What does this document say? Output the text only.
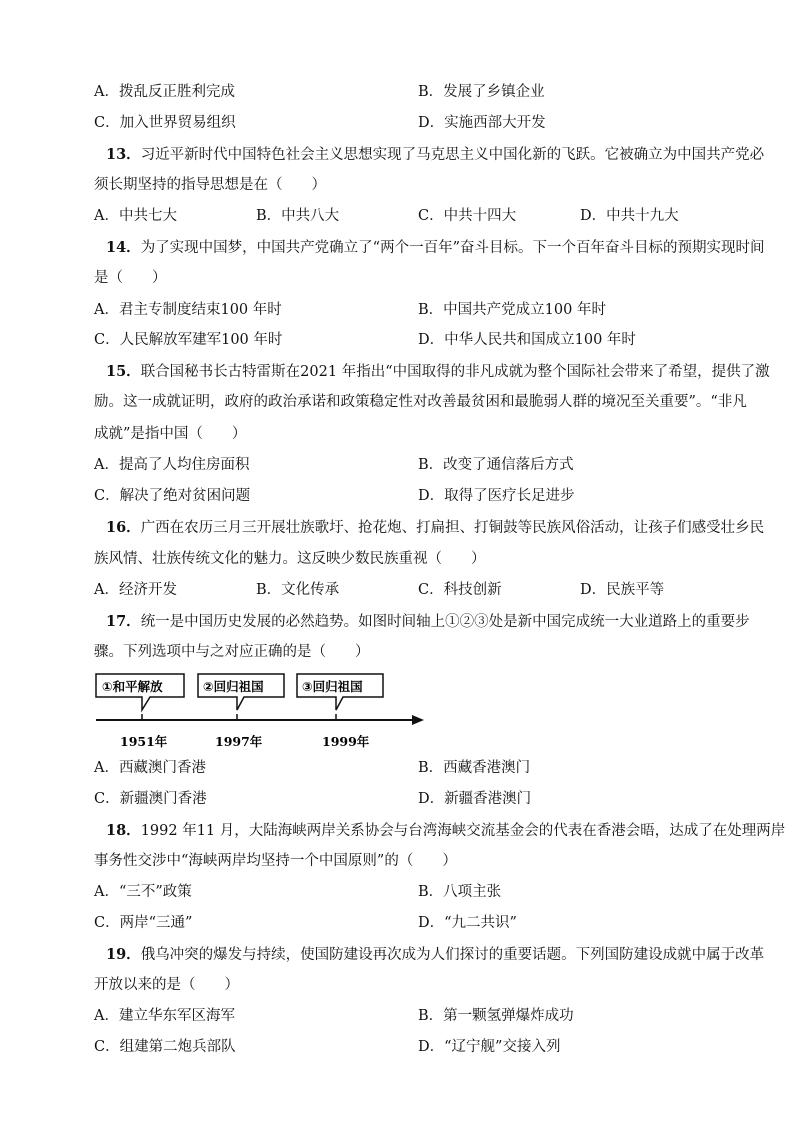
A．拨乱反正胜利完成	B．发展了乡镇企业
C．加入世界贸易组织	D．实施西部大开发
13．习近平新时代中国特色社会主义思想实现了马克思主义中国化新的飞跃。它被确立为中国共产党必
须长期坚持的指导思想是在（　　）
A．中共七大	B．中共八大	C．中共十四大	D．中共十九大
14．为了实现中国梦，中国共产党确立了“两个一百年”奋斗目标。下一个百年奋斗目标的预期实现时间
是（　　）
A．君主专制度结束100 年时	B．中国共产党成立100 年时
C．人民解放军建军100 年时	D．中华人民共和国成立100 年时
15．联合国秘书长古特雷斯在2021 年指出“中国取得的非凡成就为整个国际社会带来了希望，提供了激
励。这一成就证明，政府的政治承诺和政策稳定性对改善最贫困和最脆弱人群的境况至关重要”。“非凡
成就”是指中国（　　）
A．提高了人均住房面积	B．改变了通信落后方式
C．解决了绝对贫困问题	D．取得了医疗长足进步
16．广西在农历三月三开展壮族歌圩、抢花炮、打扁担、打铜鼓等民族风俗活动，让孩子们感受壮乡民
族风情、壮族传统文化的魅力。这反映少数民族重视（　　）
A．经济开发	B．文化传承	C．科技创新	D．民族平等
17．统一是中国历史发展的必然趋势。如图时间轴上①②③处是新中国完成统一大业道路上的重要步
骤。下列选项中与之对应正确的是（　　）
①和平解放	②回归祖国	③回归祖国
1951年	1997年	1999年
A．西藏澳门香港	B．西藏香港澳门
C．新疆澳门香港	D．新疆香港澳门
18．1992 年11 月，大陆海峡两岸关系协会与台湾海峡交流基金会的代表在香港会晤，达成了在处理两岸
事务性交涉中“海峡两岸均坚持一个中国原则”的（　　）
A．“三不”政策	B．八项主张
C．两岸“三通”	D．“九二共识”
19．俄乌冲突的爆发与持续，使国防建设再次成为人们探讨的重要话题。下列国防建设成就中属于改革
开放以来的是（　　）
A．建立华东军区海军	B．第一颗氢弹爆炸成功
C．组建第二炮兵部队	D．“辽宁舰”交接入列
